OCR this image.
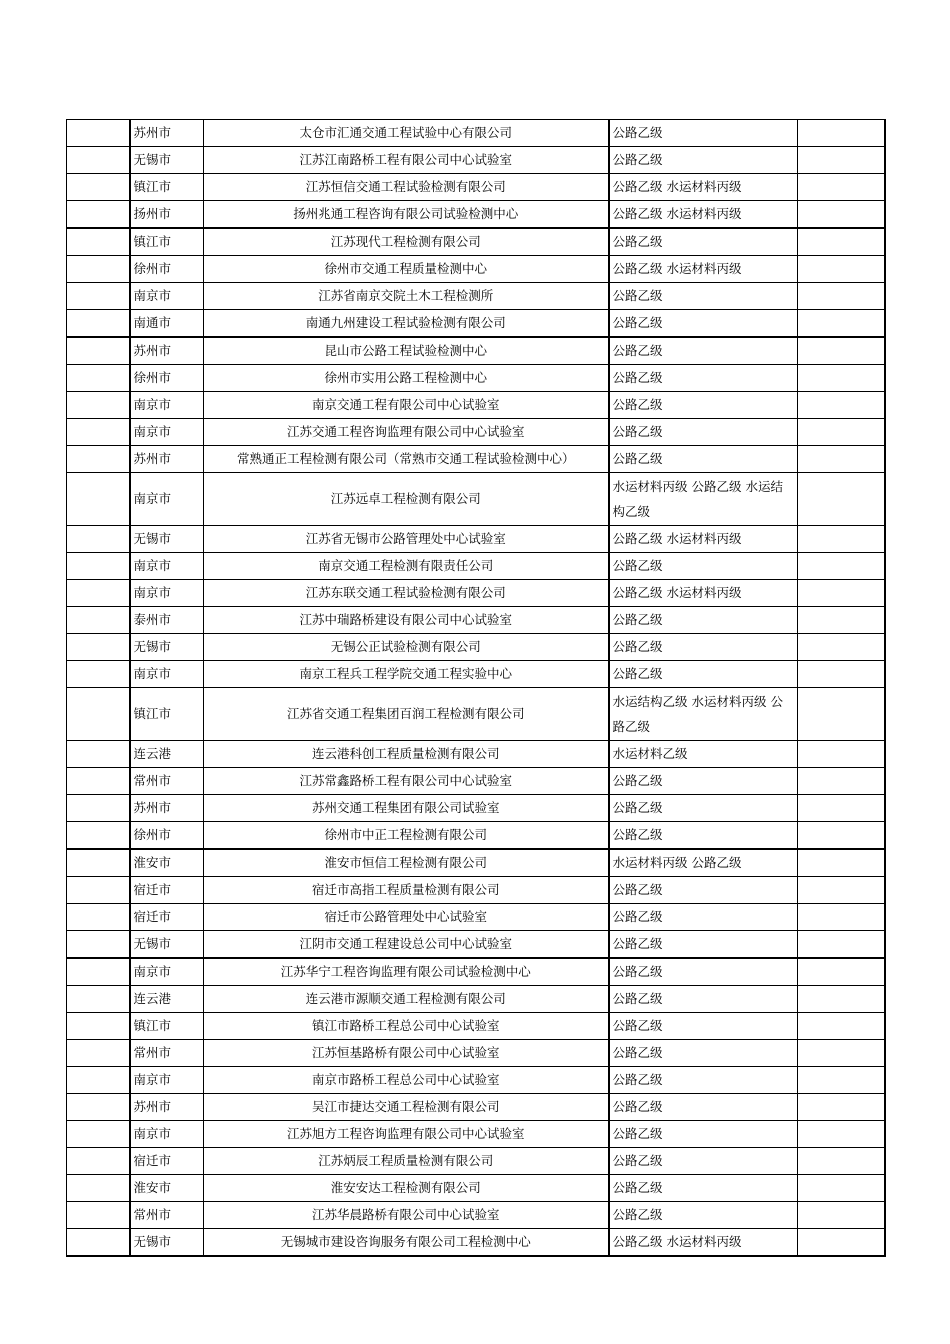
	苏州市	太仓市汇通交通工程试验中心有限公司	公路乙级	
	无锡市	江苏江南路桥工程有限公司中心试验室	公路乙级	
	镇江市	江苏恒信交通工程试验检测有限公司	公路乙级 水运材料丙级	
	扬州市	扬州兆通工程咨询有限公司试验检测中心	公路乙级 水运材料丙级	
	镇江市	江苏现代工程检测有限公司	公路乙级	
	徐州市	徐州市交通工程质量检测中心	公路乙级 水运材料丙级	
	南京市	江苏省南京交院土木工程检测所	公路乙级	
	南通市	南通九州建设工程试验检测有限公司	公路乙级	
	苏州市	昆山市公路工程试验检测中心	公路乙级	
	徐州市	徐州市实用公路工程检测中心	公路乙级	
	南京市	南京交通工程有限公司中心试验室	公路乙级	
	南京市	江苏交通工程咨询监理有限公司中心试验室	公路乙级	
	苏州市	常熟通正工程检测有限公司（常熟市交通工程试验检测中心）	公路乙级	
	南京市	江苏远卓工程检测有限公司	水运材料丙级 公路乙级 水运结构乙级	
	无锡市	江苏省无锡市公路管理处中心试验室	公路乙级 水运材料丙级	
	南京市	南京交通工程检测有限责任公司	公路乙级	
	南京市	江苏东联交通工程试验检测有限公司	公路乙级 水运材料丙级	
	泰州市	江苏中瑞路桥建设有限公司中心试验室	公路乙级	
	无锡市	无锡公正试验检测有限公司	公路乙级	
	南京市	南京工程兵工程学院交通工程实验中心	公路乙级	
	镇江市	江苏省交通工程集团百润工程检测有限公司	水运结构乙级 水运材料丙级 公路乙级	
	连云港	连云港科创工程质量检测有限公司	水运材料乙级	
	常州市	江苏常鑫路桥工程有限公司中心试验室	公路乙级	
	苏州市	苏州交通工程集团有限公司试验室	公路乙级	
	徐州市	徐州市中正工程检测有限公司	公路乙级	
	淮安市	淮安市恒信工程检测有限公司	水运材料丙级 公路乙级	
	宿迁市	宿迁市高指工程质量检测有限公司	公路乙级	
	宿迁市	宿迁市公路管理处中心试验室	公路乙级	
	无锡市	江阴市交通工程建设总公司中心试验室	公路乙级	
	南京市	江苏华宁工程咨询监理有限公司试验检测中心	公路乙级	
	连云港	连云港市源顺交通工程检测有限公司	公路乙级	
	镇江市	镇江市路桥工程总公司中心试验室	公路乙级	
	常州市	江苏恒基路桥有限公司中心试验室	公路乙级	
	南京市	南京市路桥工程总公司中心试验室	公路乙级	
	苏州市	吴江市捷达交通工程检测有限公司	公路乙级	
	南京市	江苏旭方工程咨询监理有限公司中心试验室	公路乙级	
	宿迁市	江苏炳辰工程质量检测有限公司	公路乙级	
	淮安市	淮安安达工程检测有限公司	公路乙级	
	常州市	江苏华晨路桥有限公司中心试验室	公路乙级	
	无锡市	无锡城市建设咨询服务有限公司工程检测中心	公路乙级 水运材料丙级	
